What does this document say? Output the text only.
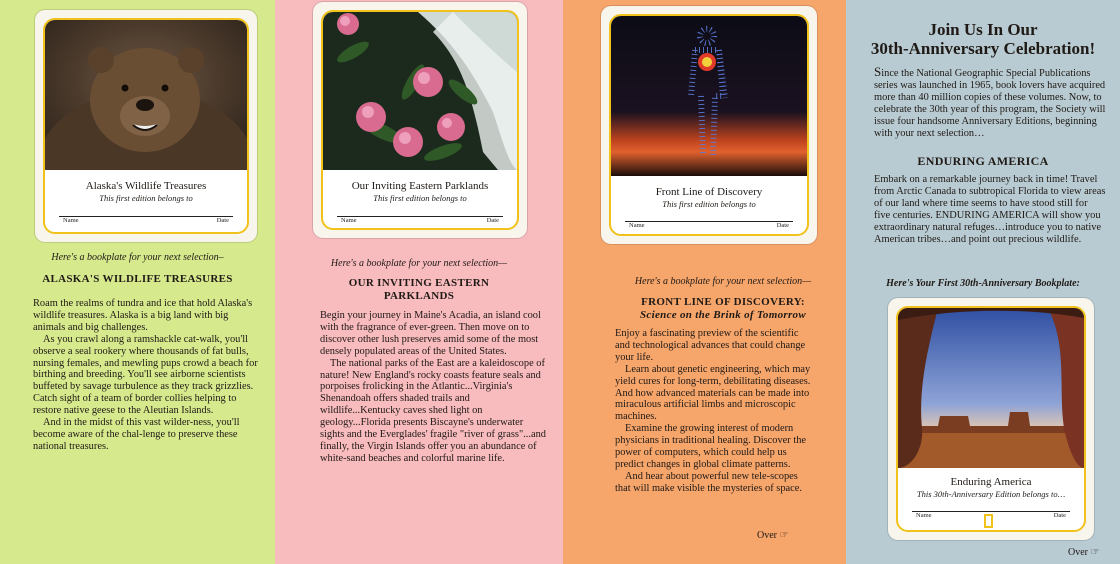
Alaska's Wildlife Treasures
This first edition belongs to
Name	Date
Here's a bookplate for your next selection–
ALASKA'S WILDLIFE TREASURES

Roam the realms of tundra and ice that hold Alaska's wildlife treasures. Alaska is a big land with big animals and big challenges.

As you crawl along a ramshackle cat-walk, you'll observe a seal rookery where thousands of fat bulls, nursing females, and mewling pups crowd a beach for birthing and breeding. You'll see airborne scientists buffeted by savage turbulence as they track grizzlies. Catch sight of a team of border collies helping to restore native geese to the Aleutian Islands.

And in the midst of this vast wilder-ness, you'll become aware of the chal-lenge to preserve these national treasures.

Our Inviting Eastern Parklands
This first edition belongs to
Name	Date
Here's a bookplate for your next selection—
OUR INVITING EASTERN
PARKLANDS

Begin your journey in Maine's Acadia, an island cool with the fragrance of ever-green. Then move on to discover other lush preserves amid some of the most densely populated areas of the United States.

The national parks of the East are a kaleidoscope of nature! New England's rocky coasts feature seals and porpoises frolicking in the Atlantic...Virginia's Shenandoah offers shaded trails and wildlife...Kentucky caves shed light on geology...Florida presents Biscayne's underwater sights and the Everglades' fragile "river of grass"...and finally, the Virgin Islands offer you an abundance of white-sand beaches and colorful marine life.

Front Line of Discovery
This first edition belongs to
Name	Date
Here's a bookplate for your next selection—
FRONT LINE OF DISCOVERY:
Science on the Brink of Tomorrow

Enjoy a fascinating preview of the scientific and technological advances that could change your life.

Learn about genetic engineering, which may yield cures for long-term, debilitating diseases. And how advanced materials can be made into miraculous artificial limbs and microscopic machines.

Examine the growing interest of modern physicians in traditional healing. Discover the power of computers, which could help us predict changes in global climate patterns.

And hear about powerful new tele-scopes that will make visible the mysteries of space.

Over ☞
Join Us In Our
30th-Anniversary Celebration!
Since the National Geographic Special Publications series was launched in 1965, book lovers have acquired more than 40 million copies of these volumes. Now, to celebrate the 30th year of this program, the Society will issue four handsome Anniversary Editions, beginning with your next selection…
ENDURING AMERICA
Embark on a remarkable journey back in time! Travel from Arctic Canada to subtropical Florida to view areas of our land where time seems to have stood still for five centuries. ENDURING AMERICA will show you extraordinary natural refuges…introduce you to native American tribes…and point out precious wildlife.
Here's Your First 30th-Anniversary Bookplate:
Enduring America
This 30th-Anniversary Edition belongs to…
Name	Date
Over ☞
